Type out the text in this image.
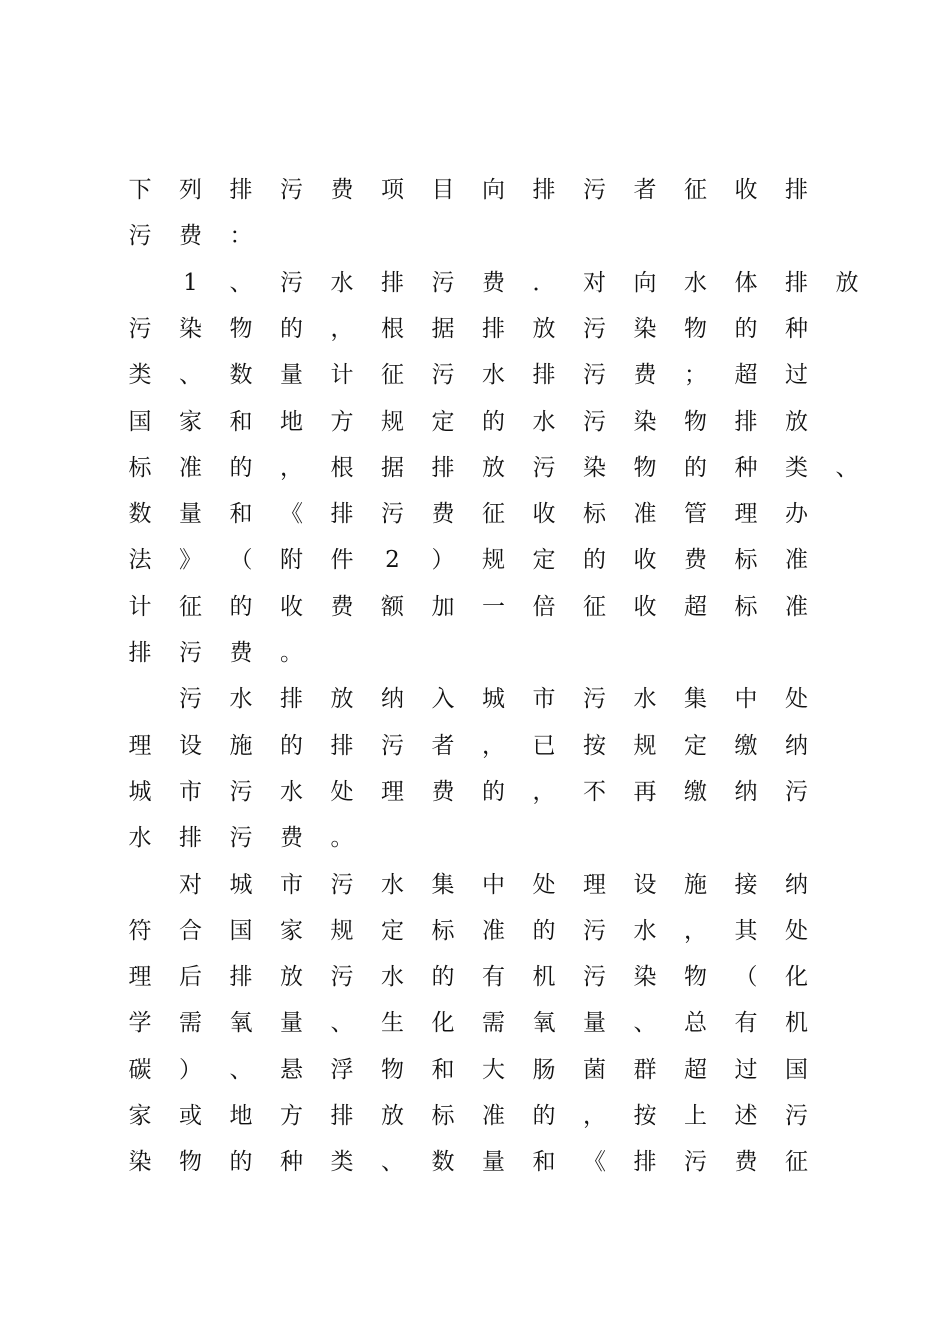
下 列 排 污 费 项 目 向 排 污 者 征 收 排
污 费 ：
1	、 污 水 排 污 费 ． 对 向 水 体 排 放
污 染 物 的 ， 根 据 排 放 污 染 物 的 种
类 、 数 量 计 征 污 水 排 污 费 ； 超 过
国 家 和 地 方 规 定 的 水 污 染 物 排 放
标 准 的 ， 根 据 排 放 污 染 物 的 种 类 、
数 量 和 《 排 污 费 征 收 标 准 管 理 办
法 》 （ 附 件	2	） 规 定 的 收 费 标 准
计 征 的 收 费 额 加 一 倍 征 收 超 标 准
排 污 费 。
污 水 排 放 纳 入 城 市 污 水 集 中 处
理 设 施 的 排 污 者 ， 已 按 规 定 缴 纳
城 市 污 水 处 理 费 的 ， 不 再 缴 纳 污
水 排 污 费 。
对 城 市 污 水 集 中 处 理 设 施 接 纳
符 合 国 家 规 定 标 准 的 污 水 ， 其 处
理 后 排 放 污 水 的 有 机 污 染 物 （ 化
学 需 氧 量 、 生 化 需 氧 量 、 总 有 机
碳 ） 、 悬 浮 物 和 大 肠 菌 群 超 过 国
家 或 地 方 排 放 标 准 的 ， 按 上 述 污
染 物 的 种 类 、 数 量 和 《 排 污 费 征
